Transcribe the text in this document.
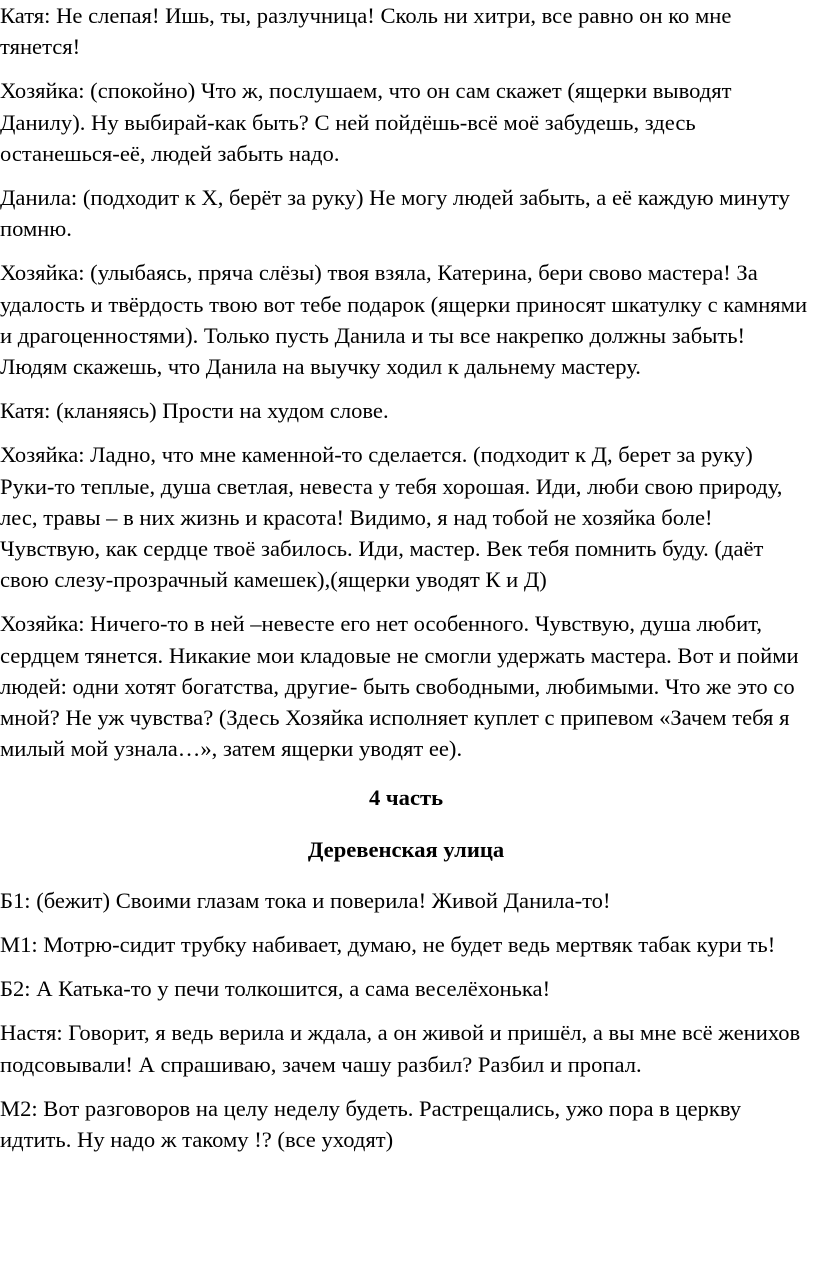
Катя: Не слепая! Ишь, ты, разлучница! Сколь ни хитри, все равно он ко мне тянется!

Хозяйка: (спокойно) Что ж, послушаем, что он сам скажет (ящерки выводят Данилу). Ну выбирай-как быть? С ней пойдёшь-всё моё забудешь, здесь останешься-её, людей забыть надо.

Данила: (подходит к Х, берёт за руку) Не могу людей забыть, а её каждую минуту помню.

Хозяйка: (улыбаясь, пряча слёзы) твоя взяла, Катерина, бери свово мастера! За удалость и твёрдость твою вот тебе подарок (ящерки приносят шкатулку с камнями и драгоценностями). Только пусть Данила и ты все накрепко должны забыть! Людям скажешь, что Данила на выучку ходил к дальнему мастеру.

Катя: (кланяясь) Прости на худом слове.

Хозяйка: Ладно, что мне каменной-то сделается. (подходит к Д, берет за руку) Руки-то теплые, душа светлая, невеста у тебя хорошая. Иди, люби свою природу, лес, травы – в них жизнь и красота! Видимо, я над тобой не хозяйка боле! Чувствую, как сердце твоё забилось. Иди, мастер. Век тебя помнить буду. (даёт свою слезу-прозрачный камешек),(ящерки уводят К и Д)

Хозяйка: Ничего-то в ней –невесте его нет особенного. Чувствую, душа любит, сердцем тянется. Никакие мои кладовые не смогли удержать мастера. Вот и пойми людей: одни хотят богатства, другие- быть свободными, любимыми. Что же это со мной? Не уж чувства? (Здесь Хозяйка исполняет куплет с припевом «Зачем тебя я милый мой узнала…», затем ящерки уводят ее).

4 часть

Деревенская улица

Б1: (бежит) Своими глазам тока и поверила! Живой Данила-то!

М1: Мотрю-сидит трубку набивает, думаю, не будет ведь мертвяк табак кури ть!

Б2: А Катька-то у печи толкошится, а сама веселёхонька!

Настя: Говорит, я ведь верила и ждала, а он живой и пришёл, а вы мне всё женихов подсовывали! А спрашиваю, зачем чашу разбил? Разбил и пропал.

М2: Вот разговоров на целу неделу будеть. Растрещались, ужо пора в церкву идтить. Ну надо ж такому !? (все уходят)
